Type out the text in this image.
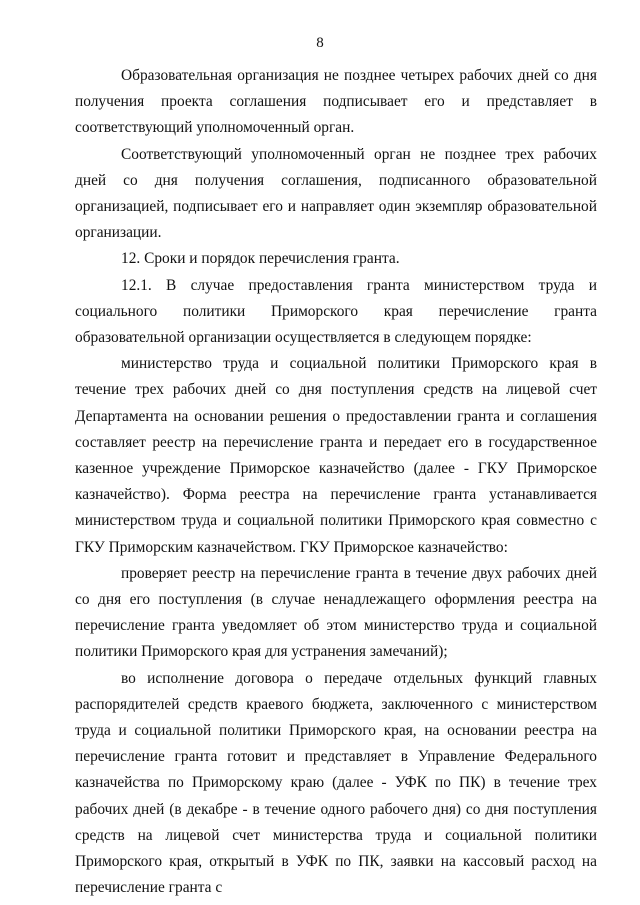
8

Образовательная организация не позднее четырех рабочих дней со дня получения проекта соглашения подписывает его и представляет в соответствующий уполномоченный орган.

Соответствующий уполномоченный орган не позднее трех рабочих дней со дня получения соглашения, подписанного образовательной организацией, подписывает его и направляет один экземпляр образовательной организации.

12. Сроки и порядок перечисления гранта.

12.1. В случае предоставления гранта министерством труда и социального политики Приморского края перечисление гранта образовательной организации осуществляется в следующем порядке:

министерство труда и социальной политики Приморского края в течение трех рабочих дней со дня поступления средств на лицевой счет Департамента на основании решения о предоставлении гранта и соглашения составляет реестр на перечисление гранта и передает его в государственное казенное учреждение Приморское казначейство (далее - ГКУ Приморское казначейство). Форма реестра на перечисление гранта устанавливается министерством труда и социальной политики Приморского края совместно с ГКУ Приморским казначейством. ГКУ Приморское казначейство:

проверяет реестр на перечисление гранта в течение двух рабочих дней со дня его поступления (в случае ненадлежащего оформления реестра на перечисление гранта уведомляет об этом министерство труда и социальной политики Приморского края для устранения замечаний);

во исполнение договора о передаче отдельных функций главных распорядителей средств краевого бюджета, заключенного с министерством труда и социальной политики Приморского края, на основании реестра на перечисление гранта готовит и представляет в Управление Федерального казначейства по Приморскому краю (далее - УФК по ПК) в течение трех рабочих дней (в декабре - в течение одного рабочего дня) со дня поступления средств на лицевой счет министерства труда и социальной политики Приморского края, открытый в УФК по ПК, заявки на кассовый расход на перечисление гранта с
